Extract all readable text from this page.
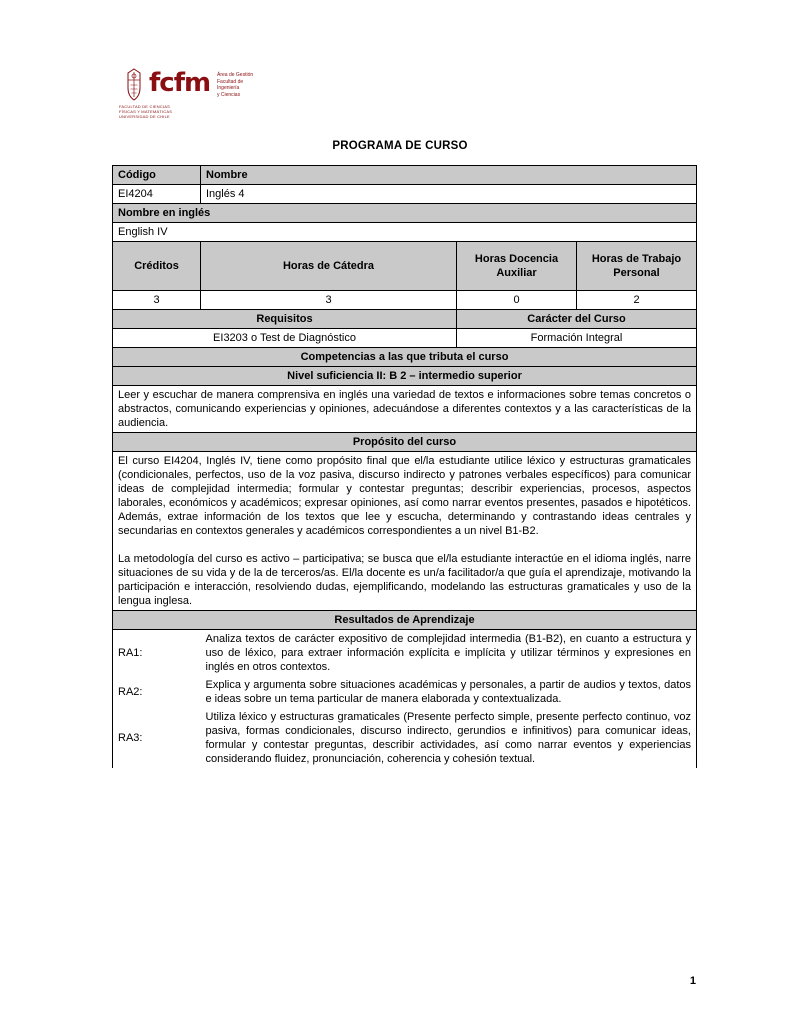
fcfm Área de Gestión
Facultad de Ingeniería
y Ciencias
FACULTAD DE CIENCIAS
FÍSICAS Y MATEMÁTICAS
UNIVERSIDAD DE CHILE
PROGRAMA DE CURSO
Código	Nombre		
EI4204	Inglés 4		
Nombre en inglés			
English IV			
Créditos	Horas de Cátedra	Horas Docencia Auxiliar	Horas de Trabajo Personal
3	3	0	2
Requisitos		Carácter del Curso	
EI3203 o Test de Diagnóstico		Formación Integral	
Competencias a las que tributa el curso			
Nivel suficiencia II: B 2 – intermedio superior			
Leer y escuchar de manera comprensiva en inglés una variedad de textos e informaciones sobre temas concretos o abstractos, comunicando experiencias y opiniones, adecuándose a diferentes contextos y a las características de la audiencia.			
Propósito del curso			

El curso EI4204, Inglés IV, tiene como propósito final que el/la estudiante utilice léxico y estructuras gramaticales (condicionales, perfectos, uso de la voz pasiva, discurso indirecto y patrones verbales específicos) para comunicar ideas de complejidad intermedia; formular y contestar preguntas; describir experiencias, procesos, aspectos laborales, económicos y académicos; expresar opiniones, así como narrar eventos presentes, pasados e hipotéticos. Además, extrae información de los textos que lee y escucha, determinando y contrastando ideas centrales y secundarias en contextos generales y académicos correspondientes a un nivel B1-B2.

La metodología del curso es activo – participativa; se busca que el/la estudiante interactúe en el idioma inglés, narre situaciones de su vida y de la de terceros/as. El/la docente es un/a facilitador/a que guía el aprendizaje, motivando la participación e interacción, resolviendo dudas, ejemplificando, modelando las estructuras gramaticales y uso de la lengua inglesa.			

Resultados de Aprendizaje			
RA1:	Analiza textos de carácter expositivo de complejidad intermedia (B1-B2), en cuanto a estructura y uso de léxico, para extraer información explícita e implícita y utilizar términos y expresiones en inglés en otros contextos.		
RA2:	Explica y argumenta sobre situaciones académicas y personales, a partir de audios y textos, datos e ideas sobre un tema particular de manera elaborada y contextualizada.		
RA3:	Utiliza léxico y estructuras gramaticales (Presente perfecto simple, presente perfecto continuo, voz pasiva, formas condicionales, discurso indirecto, gerundios e infinitivos) para comunicar ideas, formular y contestar preguntas, describir actividades, así como narrar eventos y experiencias considerando fluidez, pronunciación, coherencia y cohesión textual.		
1
